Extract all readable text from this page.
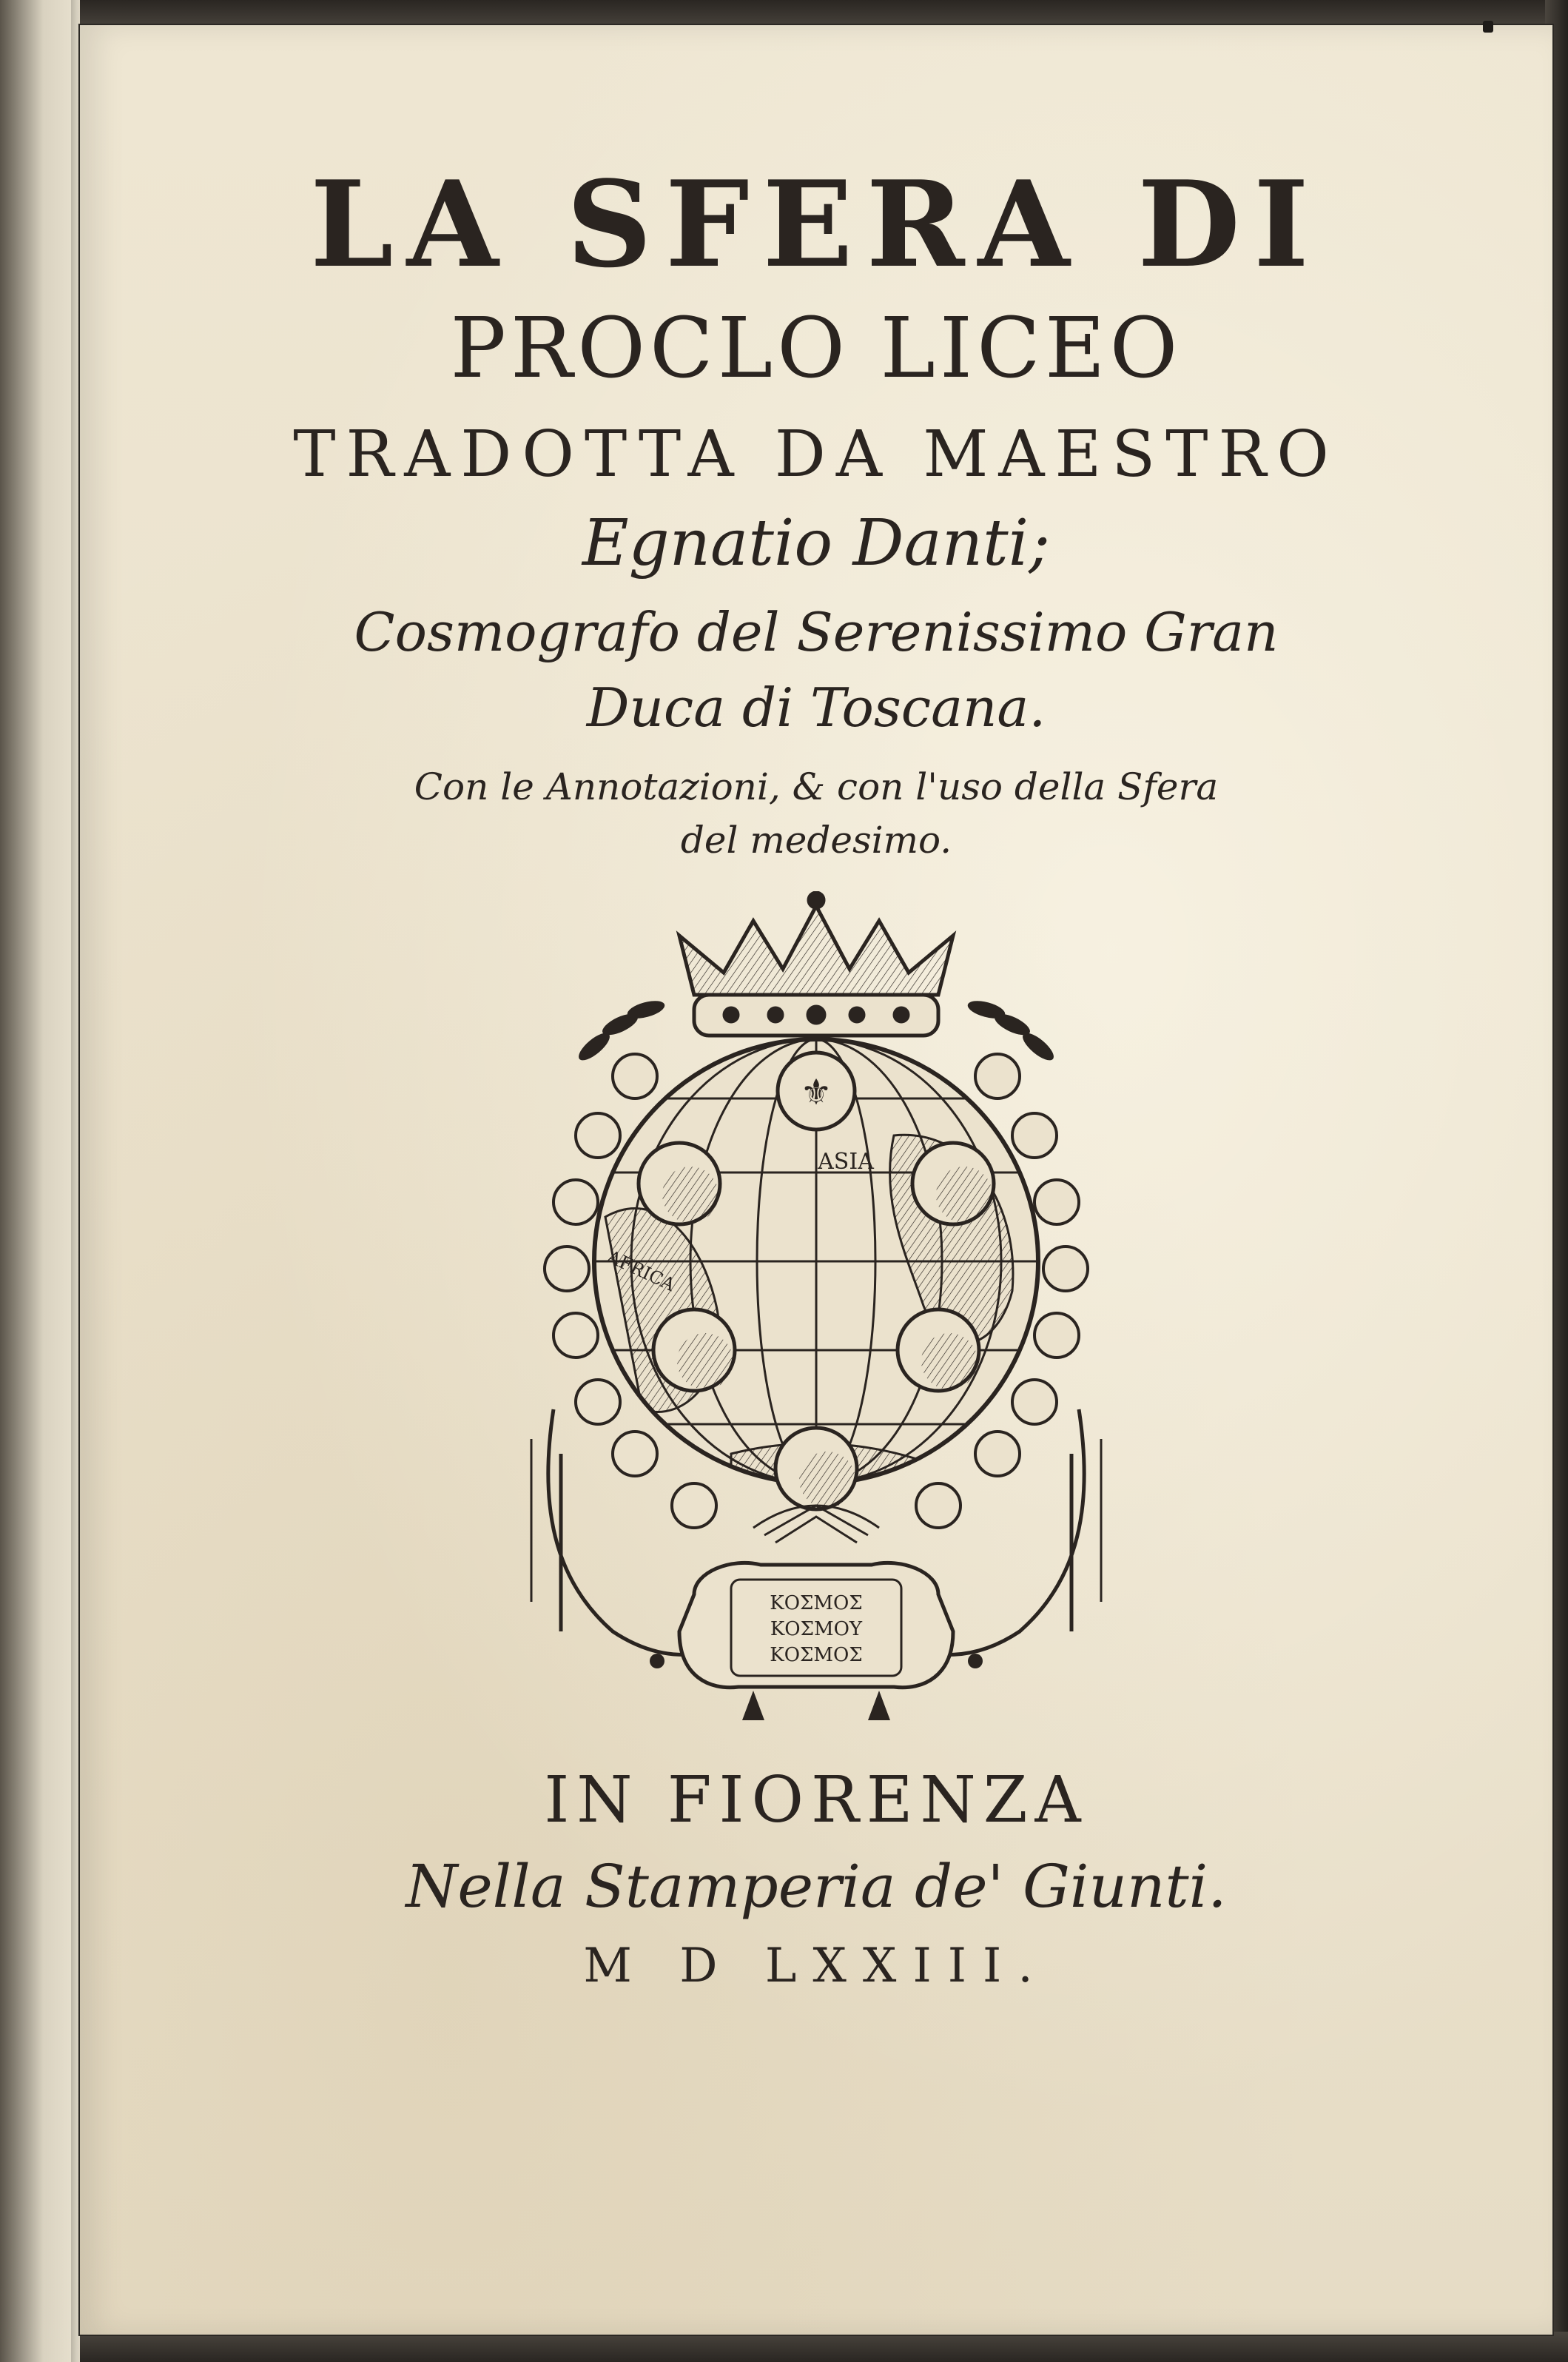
LA SFERA DI

PROCLO LICEO

TRADOTTA DA MAESTRO

Egnatio Danti;

Cosmografo del Serenissimo Gran

Duca di Toscana.

Con le Annotazioni, & con l'uso della Sfera

del medesimo.

⚜
ASIA
AFRICA
ΚΟΣΜΟΣ
ΚΟΣΜΟΥ
ΚΟΣΜΟΣ

IN FIORENZA

Nella Stamperia de' Giunti.

M D LXXIII.
